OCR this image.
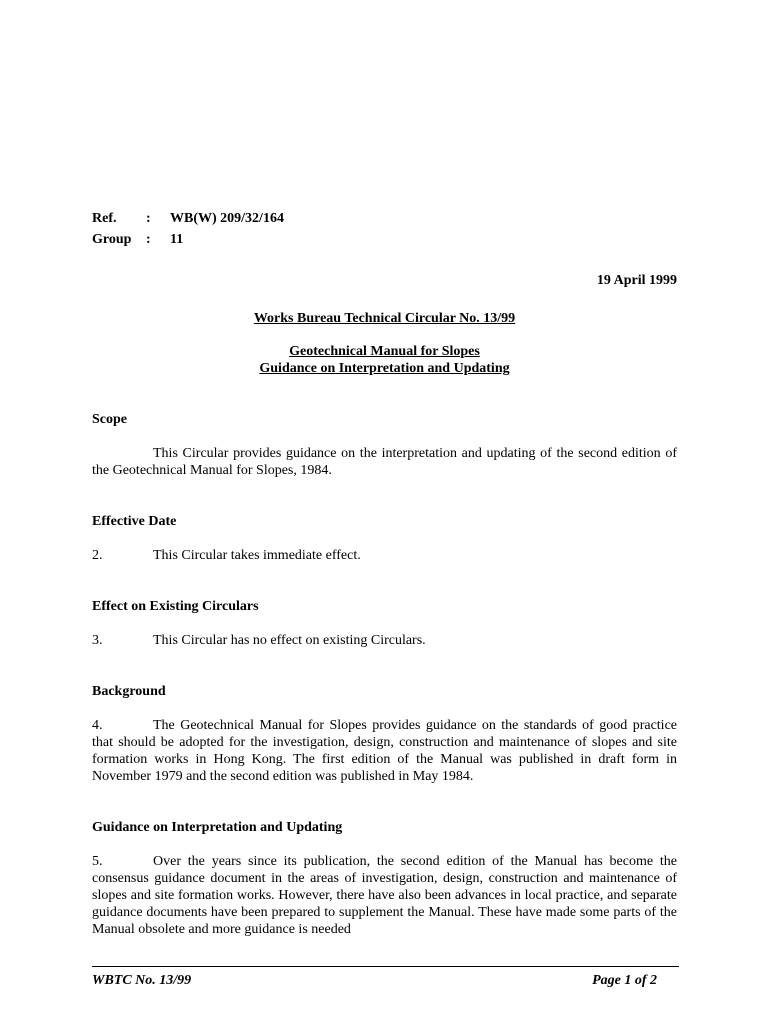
Ref. : WB(W) 209/32/164
Group : 11
19 April 1999
Works Bureau Technical Circular No. 13/99
Geotechnical Manual for Slopes
Guidance on Interpretation and Updating
Scope
This Circular provides guidance on the interpretation and updating of the second edition of the Geotechnical Manual for Slopes, 1984.
Effective Date
2.	This Circular takes immediate effect.
Effect on Existing Circulars
3.	This Circular has no effect on existing Circulars.
Background
4.	The Geotechnical Manual for Slopes provides guidance on the standards of good practice that should be adopted for the investigation, design, construction and maintenance of slopes and site formation works in Hong Kong. The first edition of the Manual was published in draft form in November 1979 and the second edition was published in May 1984.
Guidance on Interpretation and Updating
5.	Over the years since its publication, the second edition of the Manual has become the consensus guidance document in the areas of investigation, design, construction and maintenance of slopes and site formation works. However, there have also been advances in local practice, and separate guidance documents have been prepared to supplement the Manual. These have made some parts of the Manual obsolete and more guidance is needed
WBTC No. 13/99	Page 1 of 2
